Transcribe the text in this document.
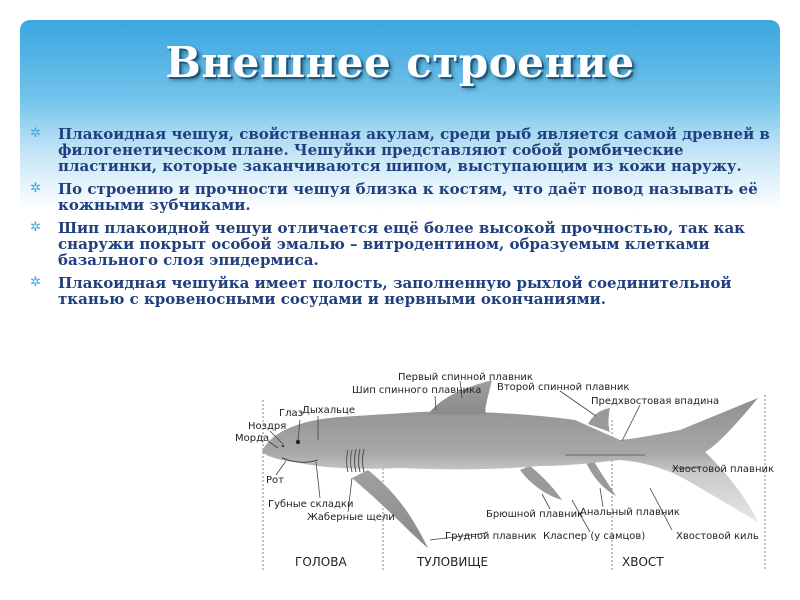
Внешнее строение
✲ Плакоидная чешуя, свойственная акулам, среди рыб является самой древней в филогенетическом плане. Чешуйки представляют собой ромбические пластинки, которые заканчиваются шипом, выступающим из кожи наружу.
✲ По строению и прочности чешуя близка к костям, что даёт повод называть её кожными зубчиками.
✲ Шип плакоидной чешуи отличается ещё более высокой прочностью, так как снаружи покрыт особой эмалью – витродентином, образуемым клетками базального слоя эпидермиса.
✲ Плакоидная чешуйка имеет полость, заполненную рыхлой соединительной тканью с кровеносными сосудами и нервными окончаниями.
Первый спинной плавник
Шип спинного плавника Второй спинной плавник
Предхвостовая впадина
Глаз Дыхальце
Ноздря
Морда
Рот
Губные складки
Жаберные щели	Брюшной плавник
Анальный плавник
Грудной плавник Класпер (у самцов)
Хвостовой плавник
Хвостовой киль
ГОЛОВА	ТУЛОВИЩЕ	ХВОСТ
